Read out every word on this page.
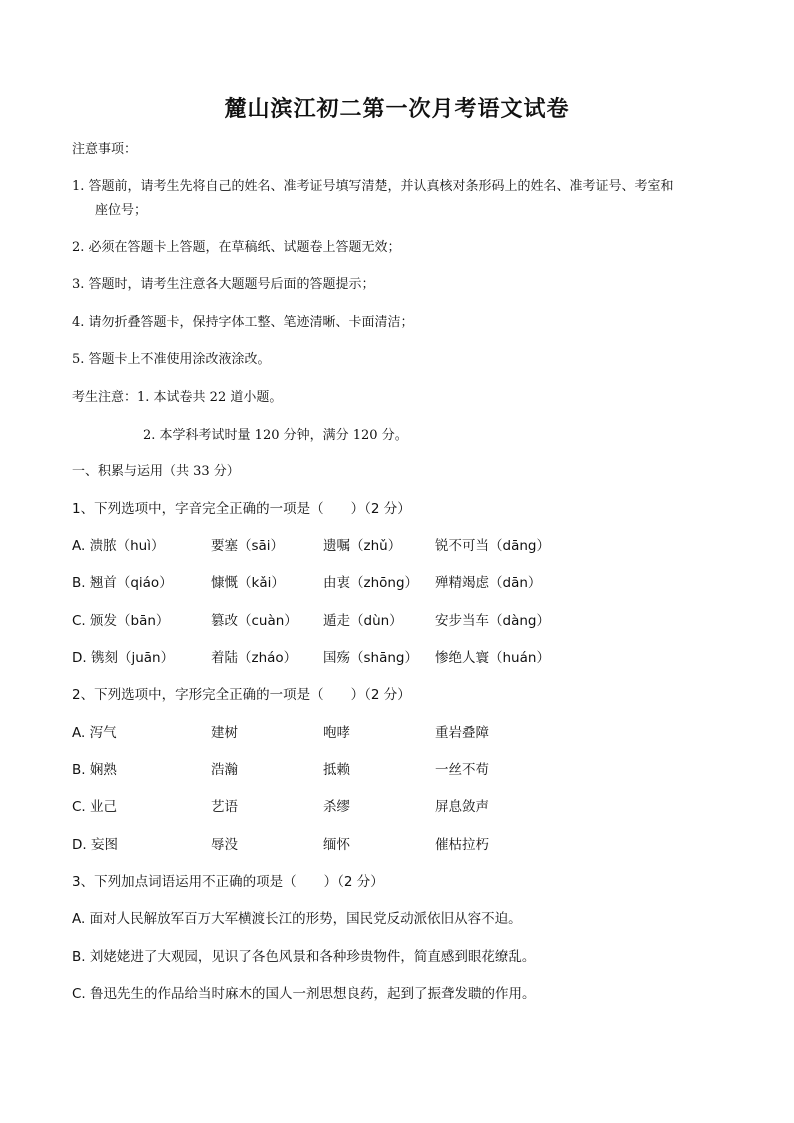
麓山滨江初二第一次月考语文试卷
注意事项：
1. 答题前，请考生先将自己的姓名、准考证号填写清楚，并认真核对条形码上的姓名、准考证号、考室和
座位号；
2. 必须在答题卡上答题，在草稿纸、试题卷上答题无效；
3. 答题时，请考生注意各大题题号后面的答题提示；
4. 请勿折叠答题卡，保持字体工整、笔迹清晰、卡面清洁；
5. 答题卡上不准使用涂改液涂改。
考生注意：1. 本试卷共 22 道小题。
2. 本学科考试时量 120 分钟，满分 120 分。
一、积累与运用（共 33 分）
1、下列选项中，字音完全正确的一项是（　　）（2 分）
A. 溃脓（huì）	要塞（sāi）	遗嘱（zhǔ）	锐不可当（dāng）
B. 翘首（qiáo）	慷慨（kǎi）	由衷（zhōng） 殚精竭虑（dān）
C. 颁发（bān）	篡改（cuàn） 遁走（dùn） 安步当车（dàng）
D. 镌刻（juān）	着陆（zháo） 国殇（shāng） 惨绝人寰（huán）
2、下列选项中，字形完全正确的一项是（　　）（2 分）
A. 泻气	建树	咆哮	重岩叠障
B. 娴熟	浩瀚	抵赖	一丝不苟
C. 业己	艺语	杀缪	屏息敛声
D. 妄图	辱没	缅怀	催枯拉朽
3、下列加点词语运用不正确的项是（　　）（2 分）
A. 面对人民解放军百万大军横渡长江的形势，国民党反动派依旧从容不迫。
B. 刘姥姥进了大观园，见识了各色风景和各种珍贵物件，简直感到眼花缭乱。
C. 鲁迅先生的作品给当时麻木的国人一剂思想良药，起到了振聋发聩的作用。
